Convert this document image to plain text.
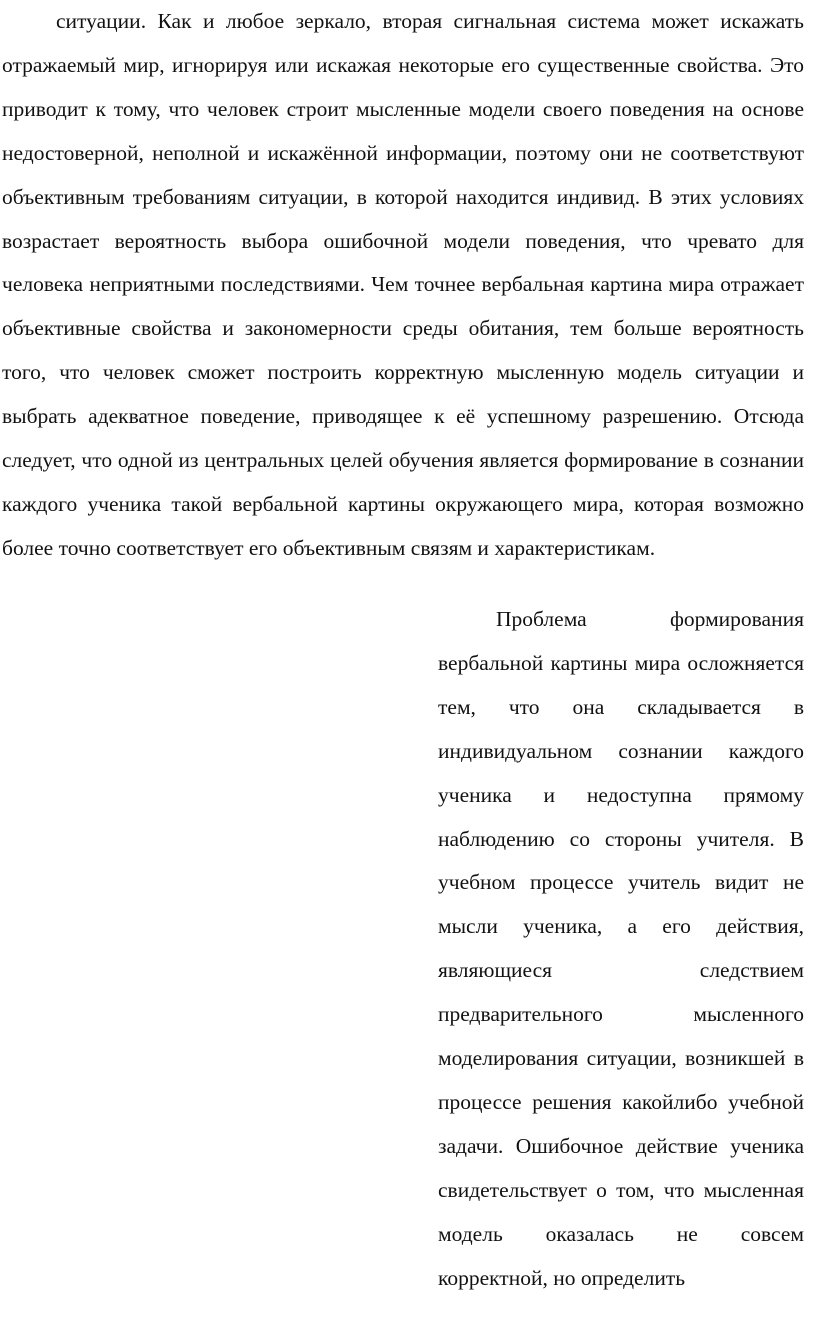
ситуации. Как и любое зеркало, вторая сигнальная система может искажать отражаемый мир, игнорируя или искажая некоторые его существенные свойства. Это приводит к тому, что человек строит мысленные модели своего поведения на основе недостоверной, неполной и искажённой информации, поэтому они не соответствуют объективным требованиям ситуации, в которой находится индивид. В этих условиях возрастает вероятность выбора ошибочной модели поведения, что чревато для человека неприятными последствиями. Чем точнее вербальная картина мира отражает объективные свойства и закономерности среды обитания, тем больше вероятность того, что человек сможет построить корректную мысленную модель ситуации и выбрать адекватное поведение, приводящее к её успешному разрешению. Отсюда следует, что одной из центральных целей обучения является формирование в сознании каждого ученика такой вербальной картины окружающего мира, которая возможно более точно соответствует его объективным связям и характеристикам.

Проблема формирования вербальной картины мира осложняется тем, что она складывается в индивидуальном сознании каждого ученика и недоступна прямому наблюдению со стороны учителя. В учебном процессе учитель видит не мысли ученика, а его действия, являющиеся следствием предварительного мысленного моделирования ситуации, возникшей в процессе решения какойлибо учебной задачи. Ошибочное действие ученика свидетельствует о том, что мысленная модель оказалась не совсем корректной, но определить
